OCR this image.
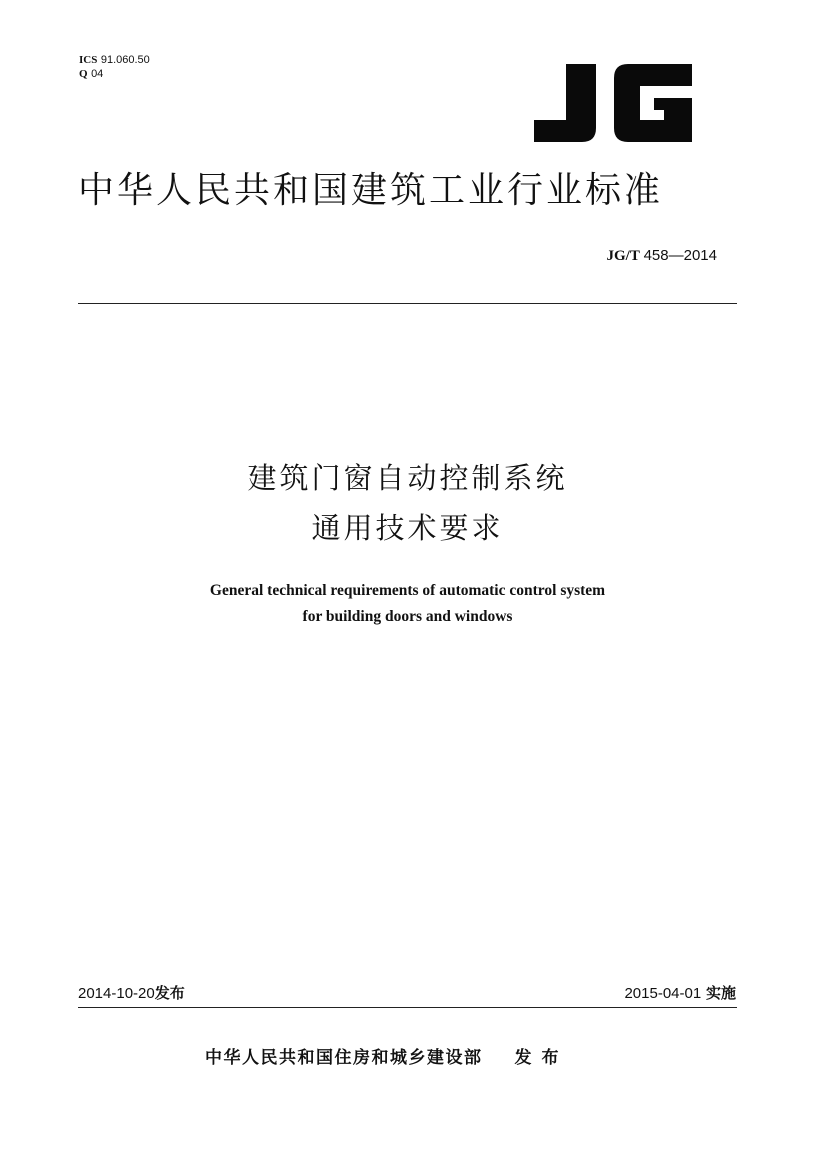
ICS 91.060.50
Q 04
中华人民共和国建筑工业行业标准
JG/T 458—2014
建筑门窗自动控制系统
通用技术要求
General technical requirements of automatic control system
for building doors and windows
2014-10-20发布	2015-04-01 实施
中华人民共和国住房和城乡建设部 发布
